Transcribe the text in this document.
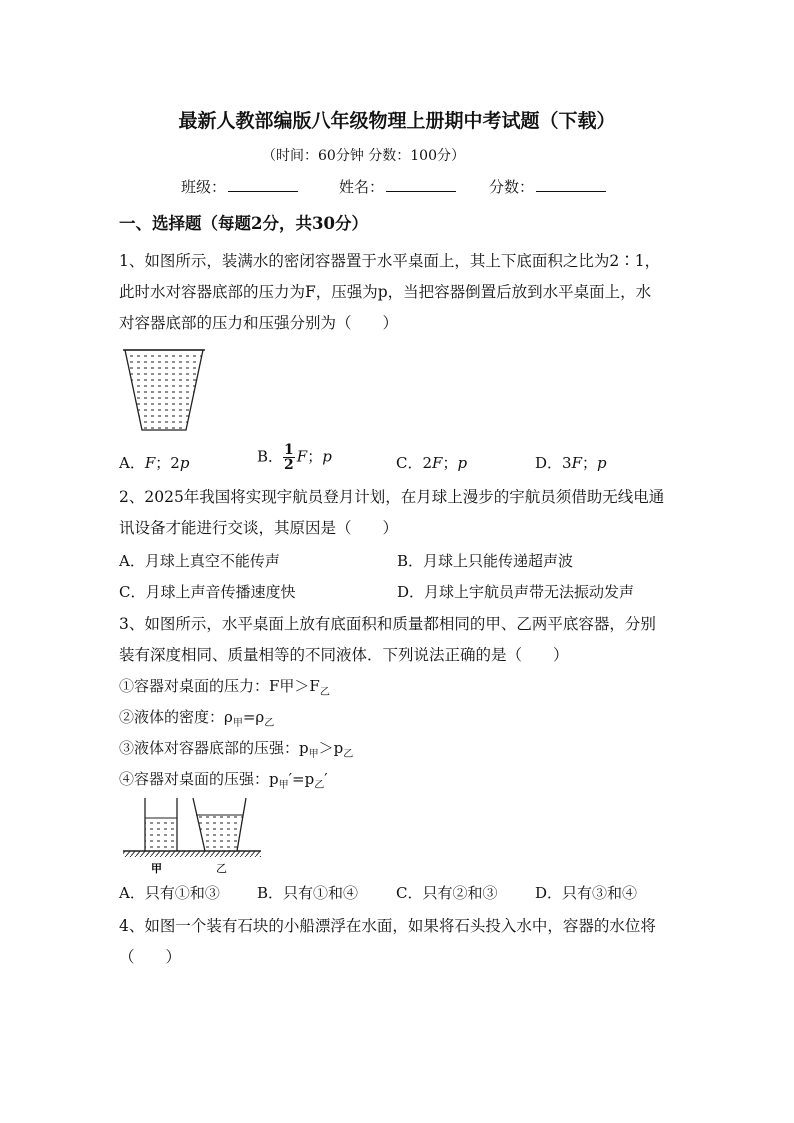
最新人教部编版八年级物理上册期中考试题（下载）
（时间：60分钟 分数：100分）
班级：	姓名：	分数：
一、选择题（每题2分，共30分）
1、如图所示，装满水的密闭容器置于水平桌面上，其上下底面积之比为2∶1，
此时水对容器底部的压力为F，压强为p，当把容器倒置后放到水平桌面上，水
对容器底部的压力和压强分别为（　　）
A．F；2p	B． $\frac{1}{2}$ F；p	C．2F；p	D．3F；p
2、2025年我国将实现宇航员登月计划，在月球上漫步的宇航员须借助无线电通
讯设备才能进行交谈，其原因是（　　）
A．月球上真空不能传声	B．月球上只能传递超声波
C．月球上声音传播速度快	D．月球上宇航员声带无法振动发声
3、如图所示，水平桌面上放有底面积和质量都相同的甲、乙两平底容器，分别
装有深度相同、质量相等的不同液体．下列说法正确的是（　　）
①容器对桌面的压力：F甲$>F_乙$
②液体的密度：$\rho_甲=\rho_乙$
③液体对容器底部的压强：$p_甲>p_乙$
④容器对桌面的压强：$p_甲'=p_乙'$
甲	乙
A．只有①和③ B．只有①和④	C．只有②和③	D．只有③和④
4、如图一个装有石块的小船漂浮在水面，如果将石头投入水中，容器的水位将
（　　）
